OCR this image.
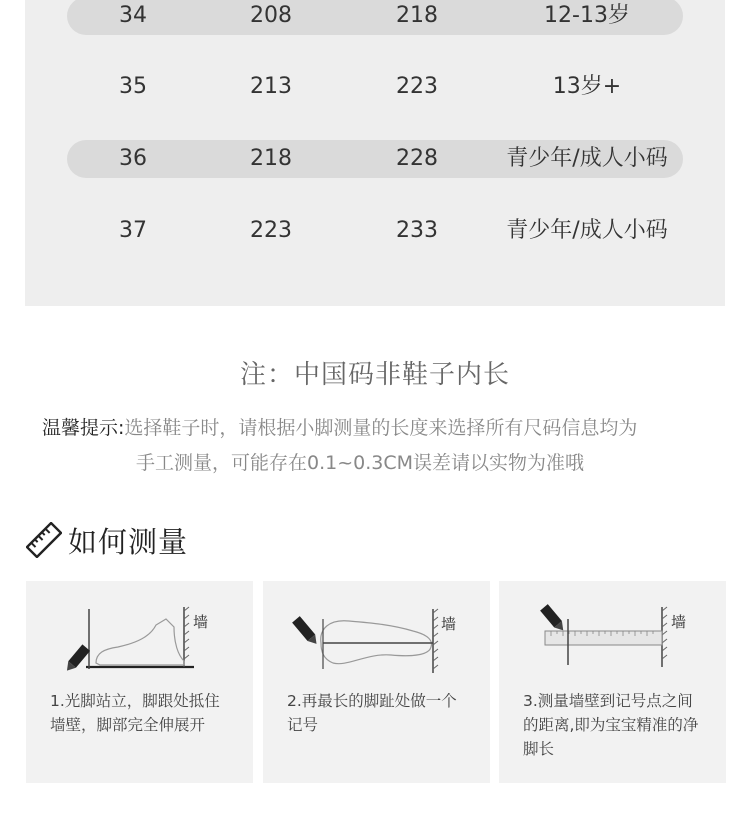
34	208	218	12-13岁
35	213	223	13岁+
36	218	228	青少年/成人小码
37	223	233	青少年/成人小码
注：中国码非鞋子内长
温馨提示:选择鞋子时，请根据小脚测量的长度来选择所有尺码信息均为
手工测量，可能存在0.1~0.3CM误差请以实物为准哦
如何测量
墙
1.光脚站立，脚跟处抵住
墙壁，脚部完全伸展开
墙
2.再最长的脚趾处做一个
记号
墙
3.测量墙壁到记号点之间
的距离,即为宝宝精准的净
脚长
